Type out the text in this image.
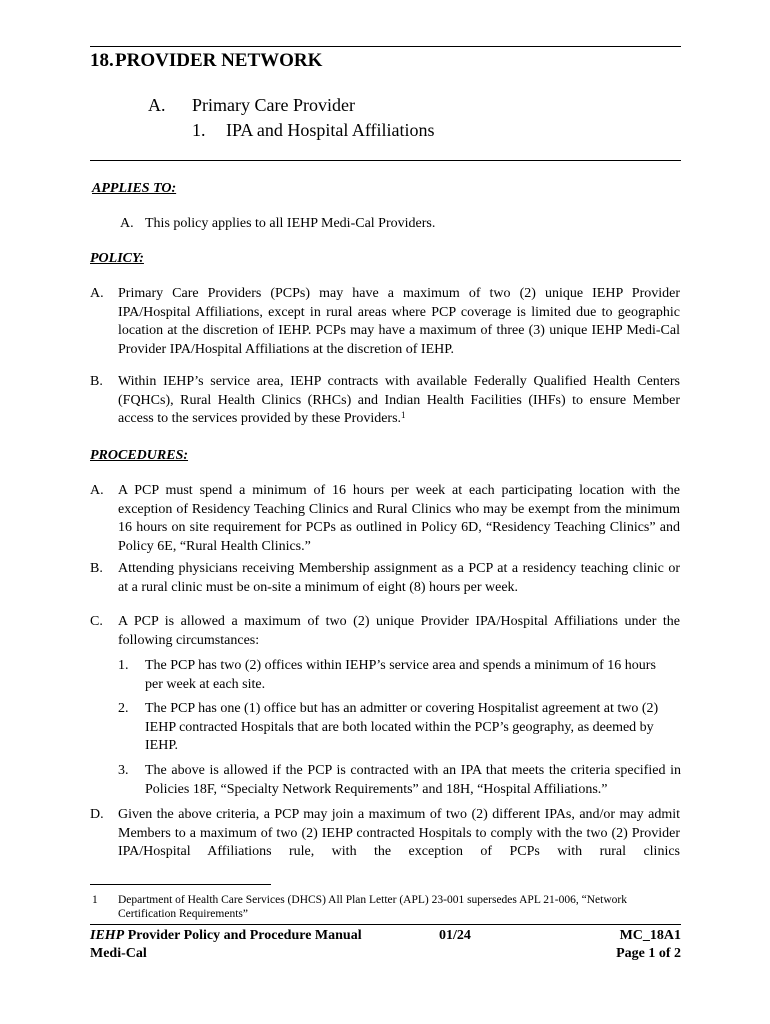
18.PROVIDER NETWORK
A. Primary Care Provider
1. IPA and Hospital Affiliations
APPLIES TO:
A. This policy applies to all IEHP Medi-Cal Providers.
POLICY:
A. Primary Care Providers (PCPs) may have a maximum of two (2) unique IEHP Provider IPA/Hospital Affiliations, except in rural areas where PCP coverage is limited due to geographic location at the discretion of IEHP. PCPs may have a maximum of three (3) unique IEHP Medi-Cal Provider IPA/Hospital Affiliations at the discretion of IEHP.
B. Within IEHP’s service area, IEHP contracts with available Federally Qualified Health Centers (FQHCs), Rural Health Clinics (RHCs) and Indian Health Facilities (IHFs) to ensure Member access to the services provided by these Providers.$^1$
PROCEDURES:
A. A PCP must spend a minimum of 16 hours per week at each participating location with the exception of Residency Teaching Clinics and Rural Clinics who may be exempt from the minimum 16 hours on site requirement for PCPs as outlined in Policy 6D, “Residency Teaching Clinics” and Policy 6E, “Rural Health Clinics.”
B. Attending physicians receiving Membership assignment as a PCP at a residency teaching clinic or at a rural clinic must be on-site a minimum of eight (8) hours per week.
C. A PCP is allowed a maximum of two (2) unique Provider IPA/Hospital Affiliations under the following circumstances:
1. The PCP has two (2) offices within IEHP’s service area and spends a minimum of 16 hours per week at each site.
2. The PCP has one (1) office but has an admitter or covering Hospitalist agreement at two (2) IEHP contracted Hospitals that are both located within the PCP’s geography, as deemed by IEHP.
3. The above is allowed if the PCP is contracted with an IPA that meets the criteria specified in Policies 18F, “Specialty Network Requirements” and 18H, “Hospital Affiliations.”
D. Given the above criteria, a PCP may join a maximum of two (2) different IPAs, and/or may admit Members to a maximum of two (2) IEHP contracted Hospitals to comply with the two (2) Provider IPA/Hospital Affiliations rule, with the exception of PCPs with rural clinics
1 Department of Health Care Services (DHCS) All Plan Letter (APL) 23-001 supersedes APL 21-006, “Network Certification Requirements”
IEHP Provider Policy and Procedure Manual
Medi-Cal
01/24	MC_18A1
Page 1 of 2
